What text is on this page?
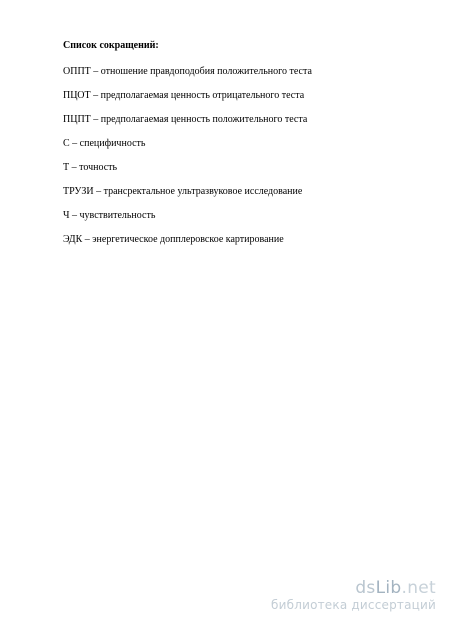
Список сокращений:
ОППТ – отношение правдоподобия положительного теста
ПЦОТ – предполагаемая ценность отрицательного теста
ПЦПТ – предполагаемая ценность положительного теста
С – специфичность
Т – точность
ТРУЗИ – трансректальное ультразвуковое исследование
Ч – чувствительность
ЭДК – энергетическое допплеровское картирование
dsLib.net
библиотека диссертаций
